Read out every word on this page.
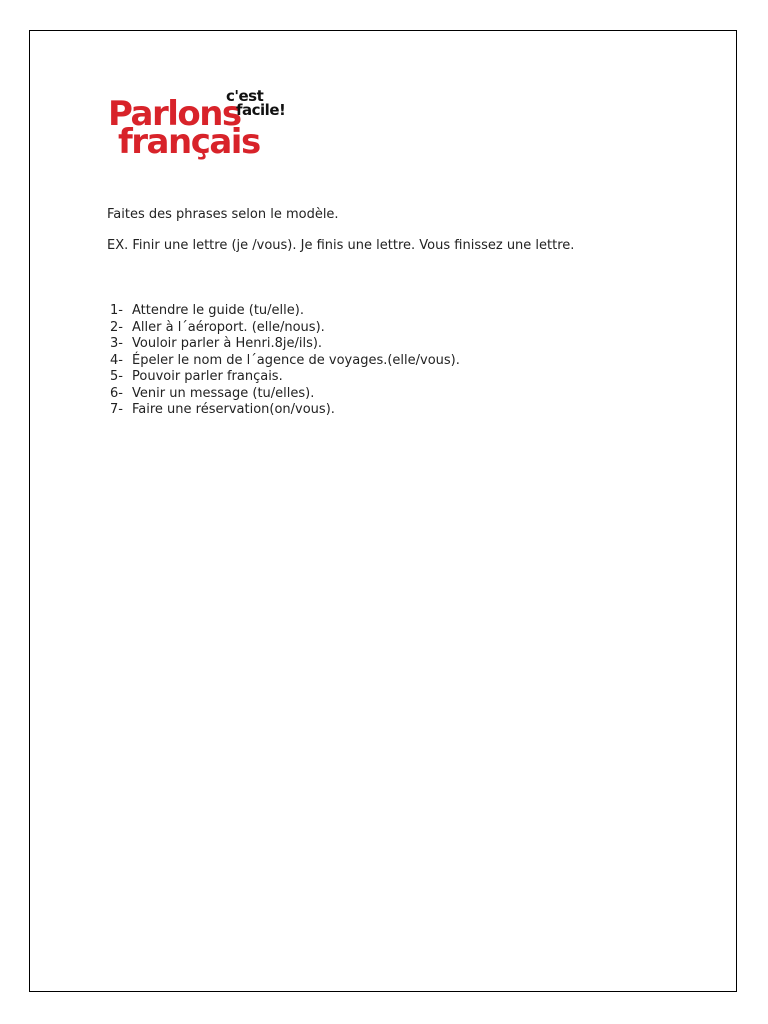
Parlons
français
c'est
facile!
Faites des phrases selon le modèle.
EX. Finir une lettre (je /vous). Je finis une lettre. Vous finissez une lettre.
1- Attendre le guide (tu/elle).
2- Aller à l´aéroport. (elle/nous).
3- Vouloir parler à Henri.8je/ils).
4- Épeler le nom de l´agence de voyages.(elle/vous).
5- Pouvoir parler français.
6- Venir un message (tu/elles).
7- Faire une réservation(on/vous).
